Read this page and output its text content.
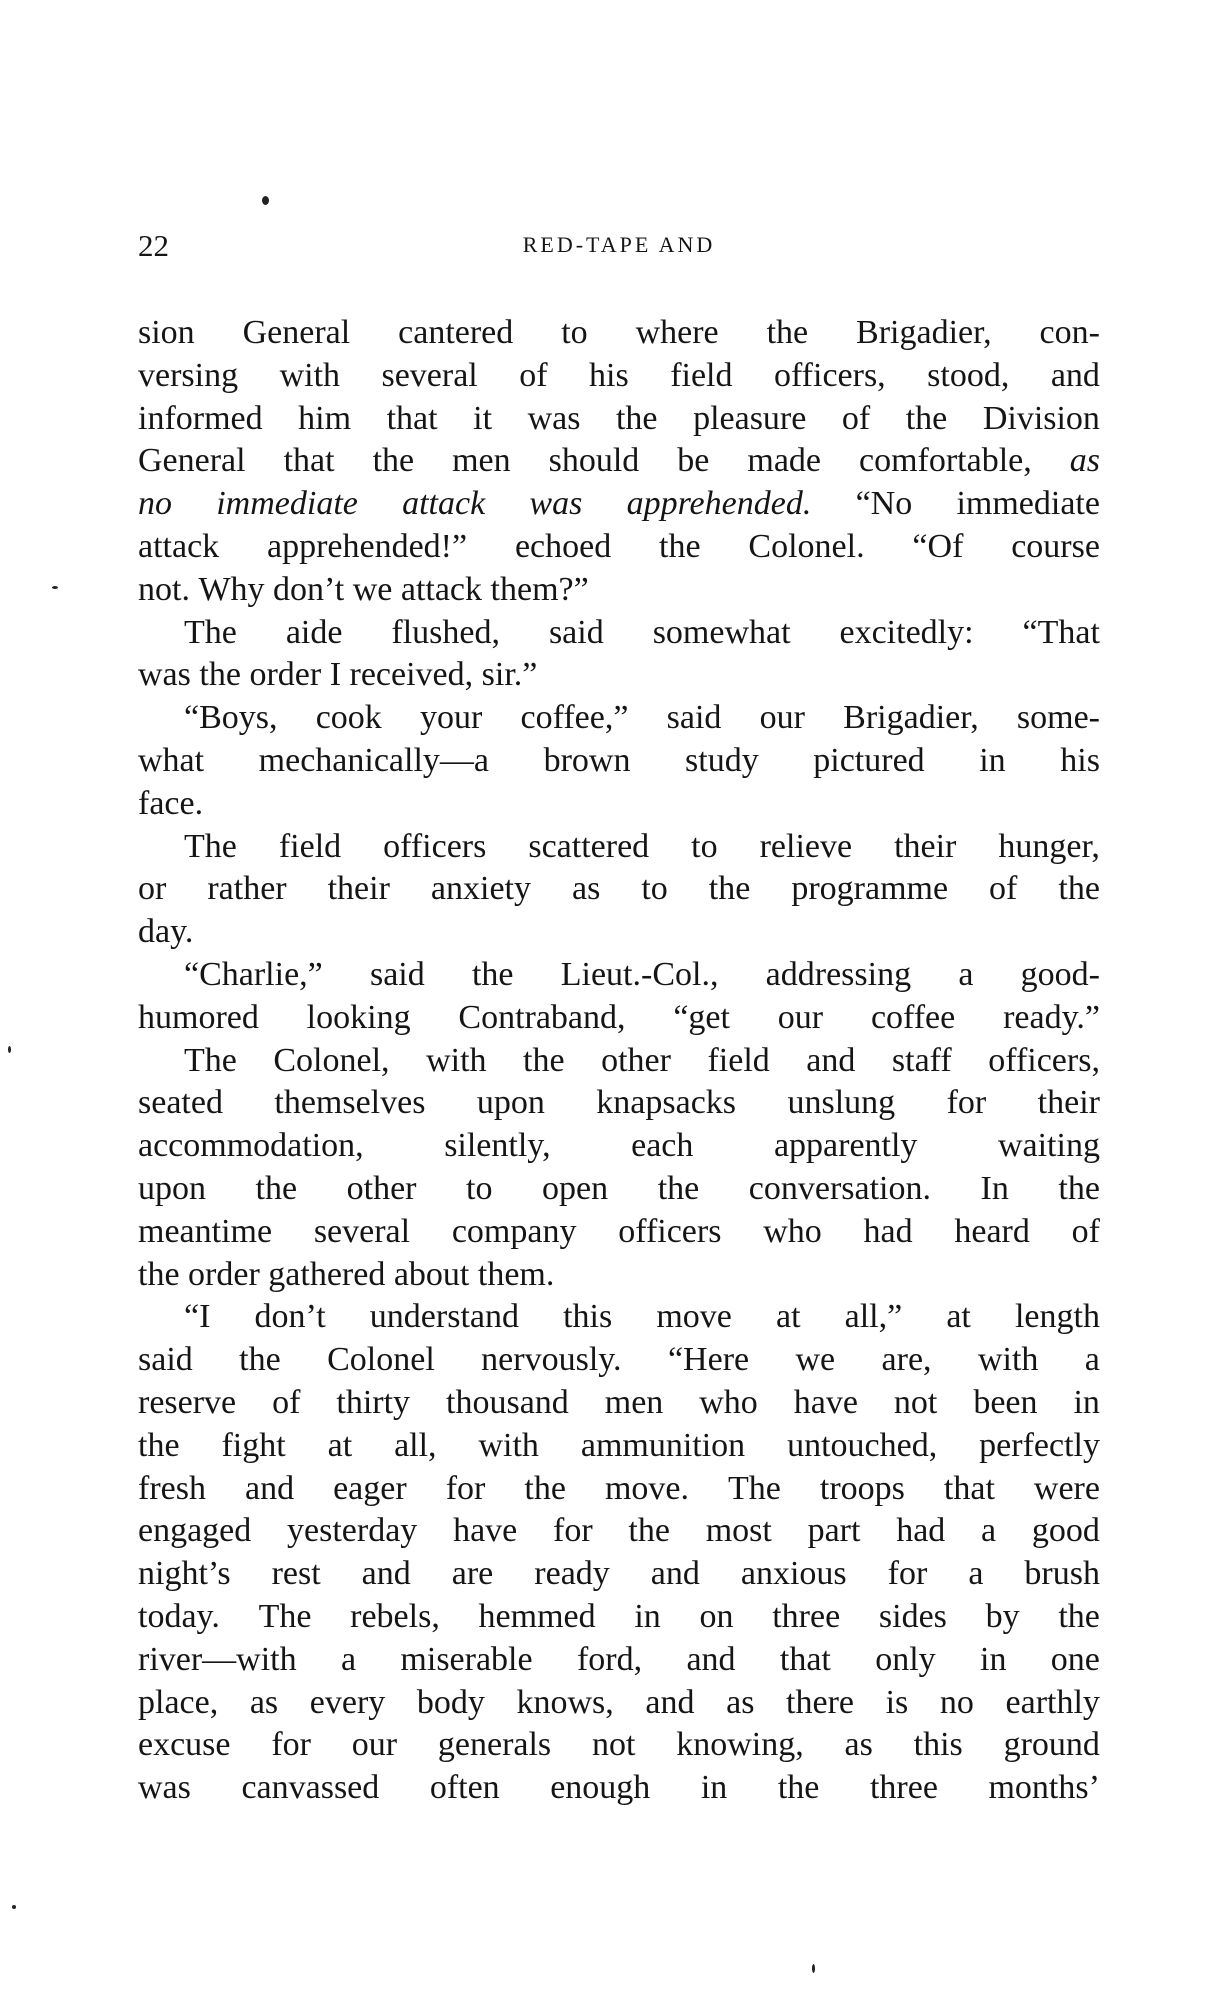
22	RED-TAPE AND
sion General cantered to where the Brigadier, con-
versing with several of his field officers, stood, and
informed him that it was the pleasure of the Division
General that the men should be made comfortable, as
no immediate attack was apprehended. “No immediate
attack apprehended!” echoed the Colonel. “Of course
not.
Why
don’t
we
attack
them?”
The aide flushed, said somewhat excitedly: “That
was
the
order
I
received,
sir.”
“Boys, cook your coffee,” said our Brigadier, some-
what mechanically—a brown study pictured in his
face.
The field officers scattered to relieve their hunger,
or rather their anxiety as to the programme of the
day.
“Charlie,” said the Lieut.-Col., addressing a good-
humored looking Contraband, “get our coffee ready.”
The Colonel, with the other field and staff officers,
seated themselves upon knapsacks unslung for their
accommodation, silently, each apparently waiting
upon the other to open the conversation. In the
meantime several company officers who had heard of
the
order
gathered
about
them.
“I don’t understand this move at all,” at length
said the Colonel nervously. “Here we are, with a
reserve of thirty thousand men who have not been in
the fight at all, with ammunition untouched, perfectly
fresh and eager for the move. The troops that were
engaged yesterday have for the most part had a good
night’s rest and are ready and anxious for a brush
today. The rebels, hemmed in on three sides by the
river—with a miserable ford, and that only in one
place, as every body knows, and as there is no earthly
excuse for our generals not knowing, as this ground
was canvassed often enough in the three months’
